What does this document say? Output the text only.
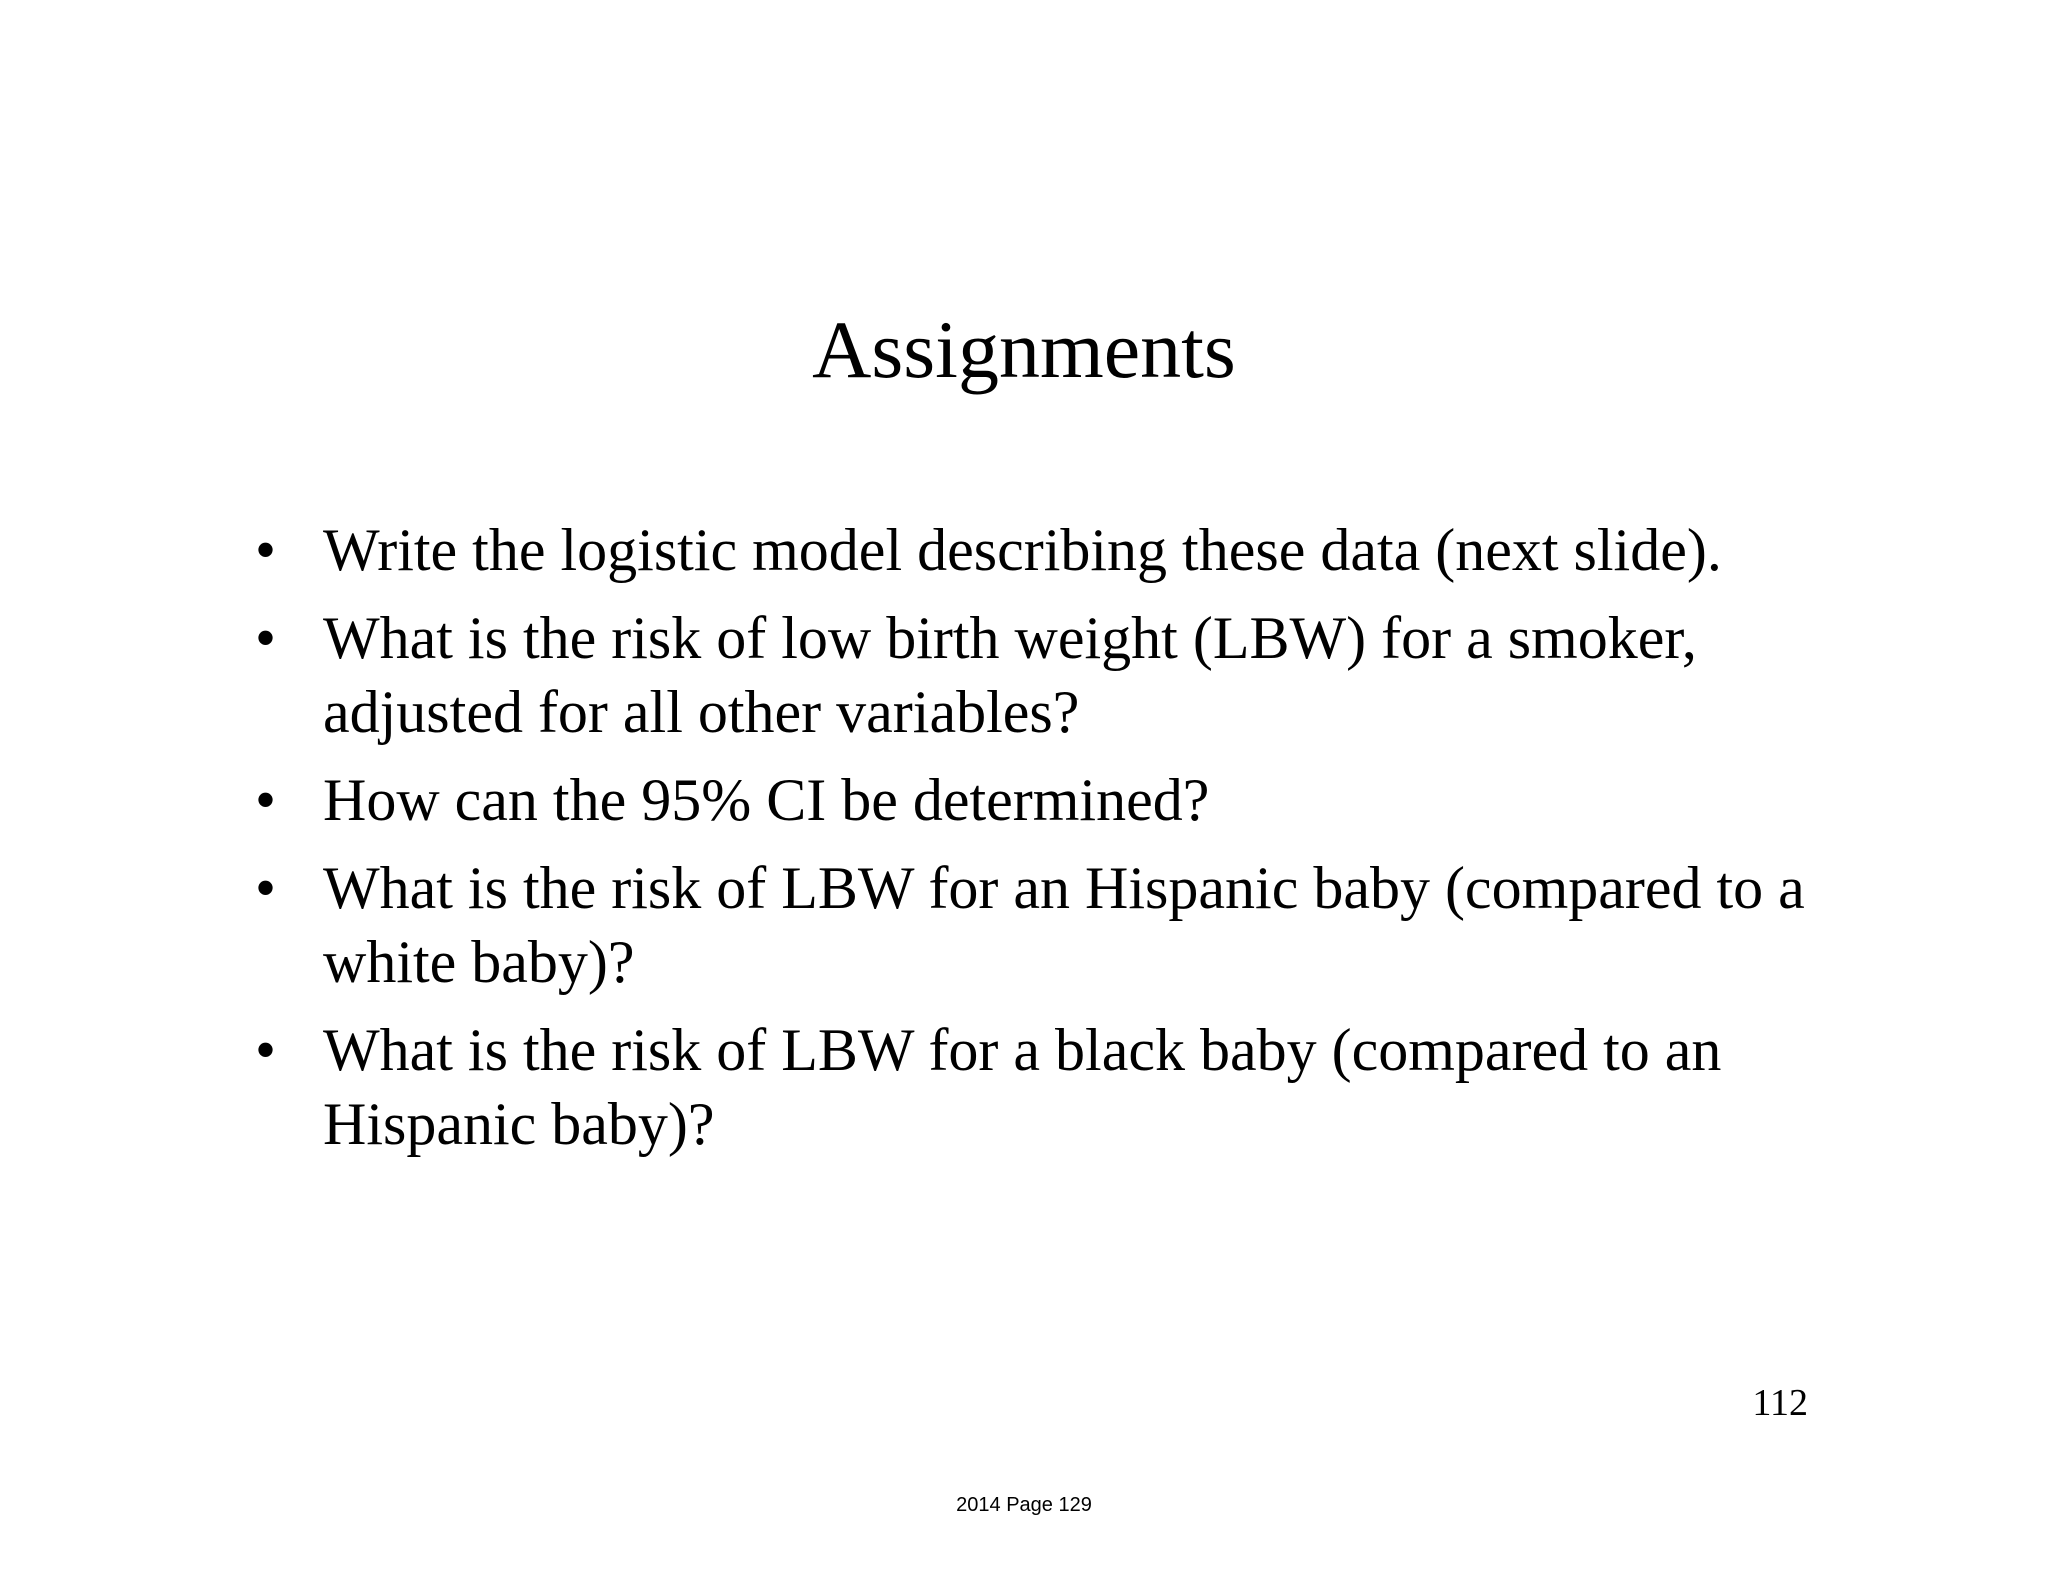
Assignments
• Write the logistic model describing these data (next slide).
• What is the risk of low birth weight (LBW) for a smoker, adjusted for all other variables?
• How can the 95% CI be determined?
• What is the risk of LBW for an Hispanic baby (compared to a white baby)?
• What is the risk of LBW for a black baby (compared to an Hispanic baby)?
112
2014 Page 129
